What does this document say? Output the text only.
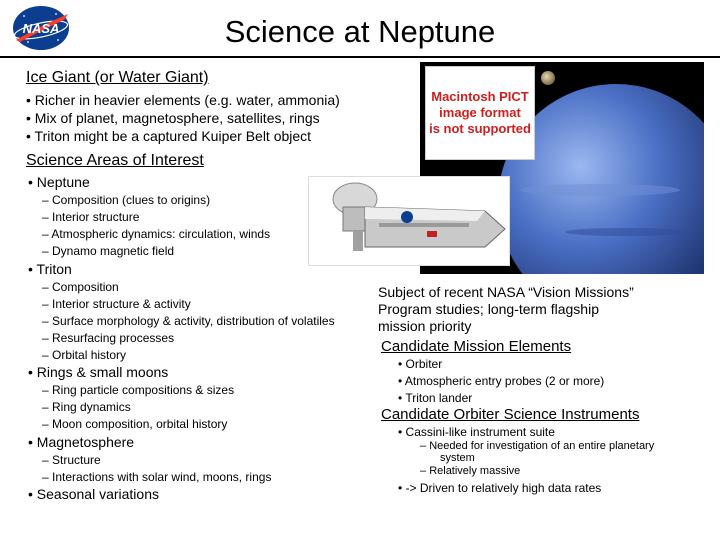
NASA	Science at Neptune
Ice Giant (or Water Giant)
• Richer in heavier elements (e.g. water, ammonia)
• Mix of planet, magnetosphere, satellites, rings
• Triton might be a captured Kuiper Belt object
Science Areas of Interest
• Neptune
– Composition (clues to origins)
– Interior structure
– Atmospheric dynamics: circulation, winds
– Dynamo magnetic field
• Triton
– Composition
– Interior structure & activity
– Surface morphology & activity, distribution of volatiles
– Resurfacing processes
– Orbital history
• Rings & small moons
– Ring particle compositions & sizes
– Ring dynamics
– Moon composition, orbital history
• Magnetosphere
– Structure
– Interactions with solar wind, moons, rings
• Seasonal variations
Macintosh PICT
image format
is not supported
Subject of recent NASA “Vision Missions”
Program studies; long-term flagship
mission priority
Candidate Mission Elements
• Orbiter
• Atmospheric entry probes (2 or more)
• Triton lander
Candidate Orbiter Science Instruments
• Cassini-like instrument suite
– Needed for investigation of an entire planetary
system
– Relatively massive
• -> Driven to relatively high data rates
